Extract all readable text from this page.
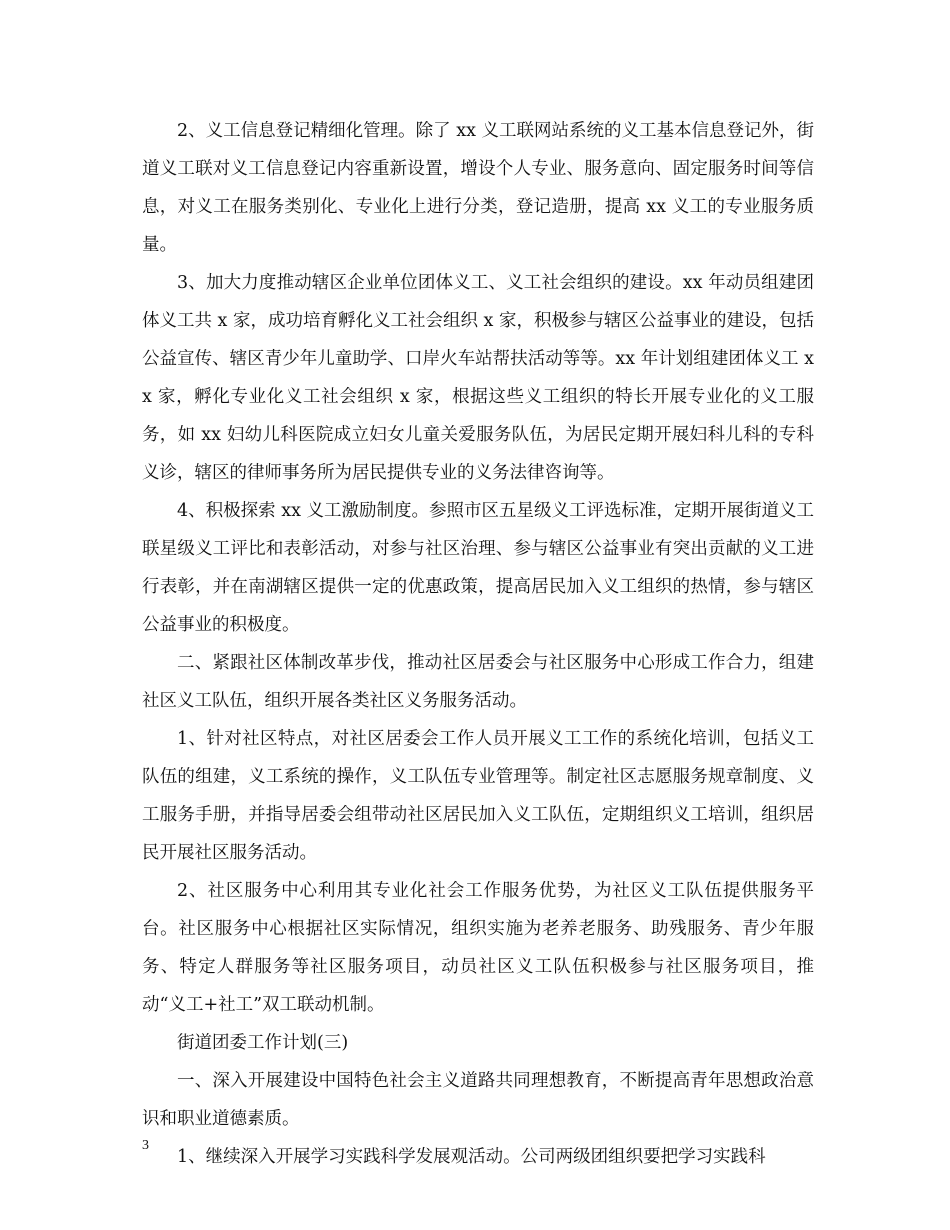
2、义工信息登记精细化管理。除了 xx 义工联网站系统的义工基本信息登记外，街道义工联对义工信息登记内容重新设置，增设个人专业、服务意向、固定服务时间等信息，对义工在服务类别化、专业化上进行分类，登记造册，提高 xx 义工的专业服务质量。

3、加大力度推动辖区企业单位团体义工、义工社会组织的建设。xx 年动员组建团体义工共 x 家，成功培育孵化义工社会组织 x 家，积极参与辖区公益事业的建设，包括公益宣传、辖区青少年儿童助学、口岸火车站帮扶活动等等。xx 年计划组建团体义工 xx 家，孵化专业化义工社会组织 x 家，根据这些义工组织的特长开展专业化的义工服务，如 xx 妇幼儿科医院成立妇女儿童关爱服务队伍，为居民定期开展妇科儿科的专科义诊，辖区的律师事务所为居民提供专业的义务法律咨询等。

4、积极探索 xx 义工激励制度。参照市区五星级义工评选标准，定期开展街道义工联星级义工评比和表彰活动，对参与社区治理、参与辖区公益事业有突出贡献的义工进行表彰，并在南湖辖区提供一定的优惠政策，提高居民加入义工组织的热情，参与辖区公益事业的积极度。

二、紧跟社区体制改革步伐，推动社区居委会与社区服务中心形成工作合力，组建社区义工队伍，组织开展各类社区义务服务活动。

1、针对社区特点，对社区居委会工作人员开展义工工作的系统化培训，包括义工队伍的组建，义工系统的操作，义工队伍专业管理等。制定社区志愿服务规章制度、义工服务手册，并指导居委会组带动社区居民加入义工队伍，定期组织义工培训，组织居民开展社区服务活动。

2、社区服务中心利用其专业化社会工作服务优势，为社区义工队伍提供服务平台。社区服务中心根据社区实际情况，组织实施为老养老服务、助残服务、青少年服务、特定人群服务等社区服务项目，动员社区义工队伍积极参与社区服务项目，推动“义工+社工”双工联动机制。

街道团委工作计划(三)

一、深入开展建设中国特色社会主义道路共同理想教育，不断提高青年思想政治意识和职业道德素质。

1、继续深入开展学习实践科学发展观活动。公司两级团组织要把学习实践科

3
